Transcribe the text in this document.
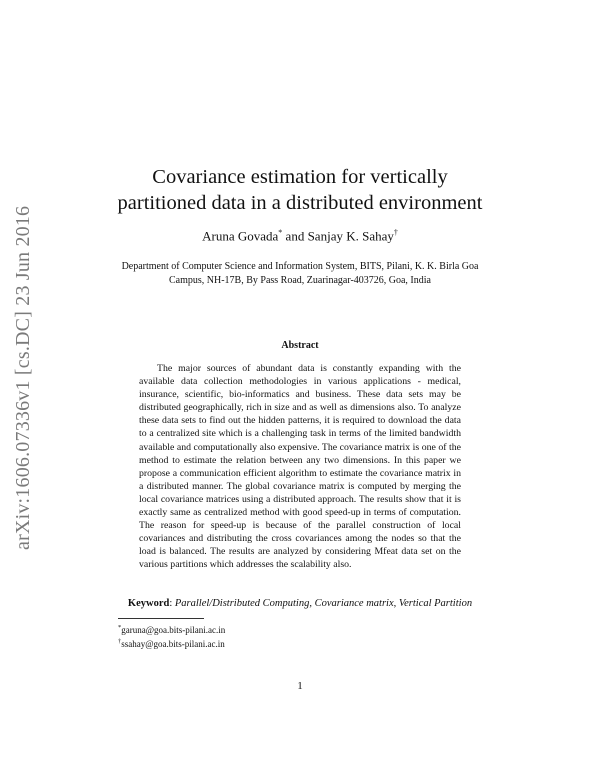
arXiv:1606.07336v1 [cs.DC] 23 Jun 2016
Covariance estimation for vertically
partitioned data in a distributed environment
Aruna Govada* and Sanjay K. Sahay†
Department of Computer Science and Information System, BITS, Pilani, K. K. Birla Goa
Campus, NH-17B, By Pass Road, Zuarinagar-403726, Goa, India
Abstract

The major sources of abundant data is constantly expanding with the available data collection methodologies in various applications - medical, insurance, scientific, bio-informatics and business. These data sets may be distributed geographically, rich in size and as well as dimensions also. To analyze these data sets to find out the hidden patterns, it is required to download the data to a centralized site which is a challenging task in terms of the limited bandwidth available and computationally also expensive. The covariance matrix is one of the method to estimate the relation between any two dimensions. In this paper we propose a communication efficient algorithm to estimate the covariance matrix in a distributed manner. The global covariance matrix is computed by merging the local covariance matrices using a distributed approach. The results show that it is exactly same as centralized method with good speed-up in terms of computation. The reason for speed-up is because of the parallel construction of local covariances and distributing the cross covariances among the nodes so that the load is balanced. The results are analyzed by considering Mfeat data set on the various partitions which addresses the scalability also.

Keyword: Parallel/Distributed Computing, Covariance matrix, Vertical Partition
*garuna@goa.bits-pilani.ac.in
†ssahay@goa.bits-pilani.ac.in
1
